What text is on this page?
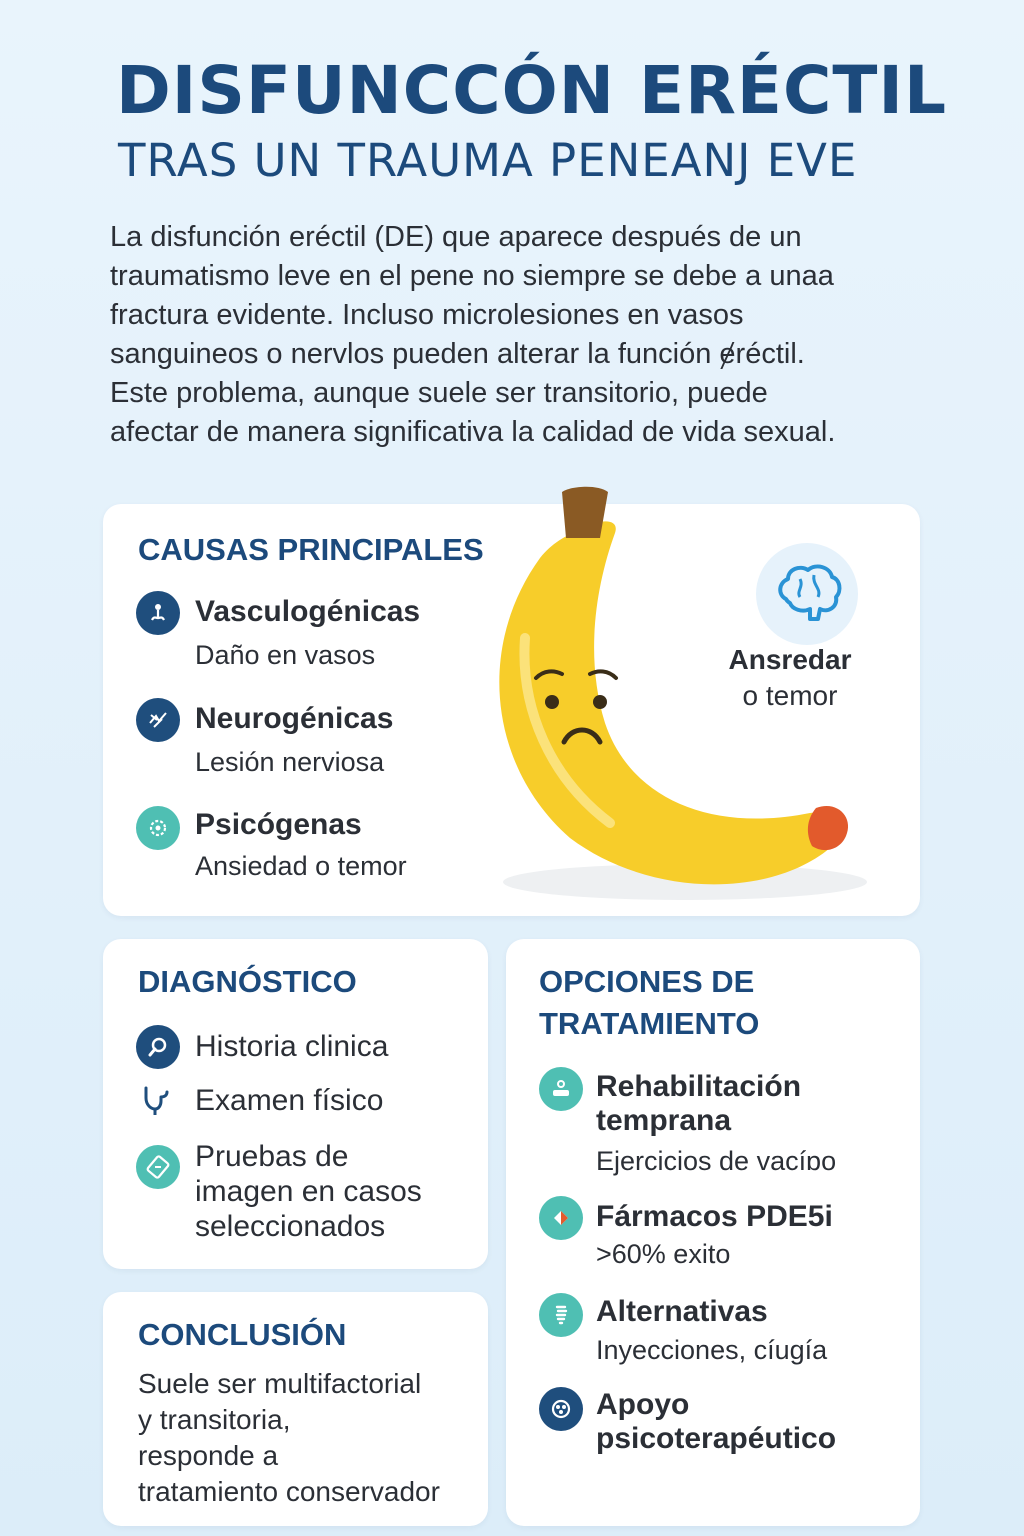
DISFUNCCÓN ERÉCTIL
TRAS UN TRAUMA PENEANJ EVE
La disfunción eréctil (DE) que aparece después de un
traumatismo leve en el pene no siempre se debe a unaa
fractura evidente. Incluso microlesiones en vasos
sanguineos o nervlos pueden alterar la función ɇréctil.
Este problema, aunque suele ser transitorio, puede
afectar de manera significativa la calidad de vida sexual.
CAUSAS PRINCIPALES
Vasculogénicas
Daño en vasos
Neurogénicas
Lesión nerviosa
Psicógenas
Ansiedad o temor
Ansredar
o temor
DIAGNÓSTICO
Historia clinica
Examen físico
Pruebas de
imagen en casos
seleccionados
CONCLUSIÓN
Suele ser multifactorial
y transitoria,
responde a
tratamiento conservador
OPCIONES DE
TRATAMIENTO
Rehabilitación
temprana
Ejercicios de vacíɒo
Fármacos PDE5i
>60% exito
Alternativas
Inyecciones, cíugía
Apoyo
psicoterapéutico
